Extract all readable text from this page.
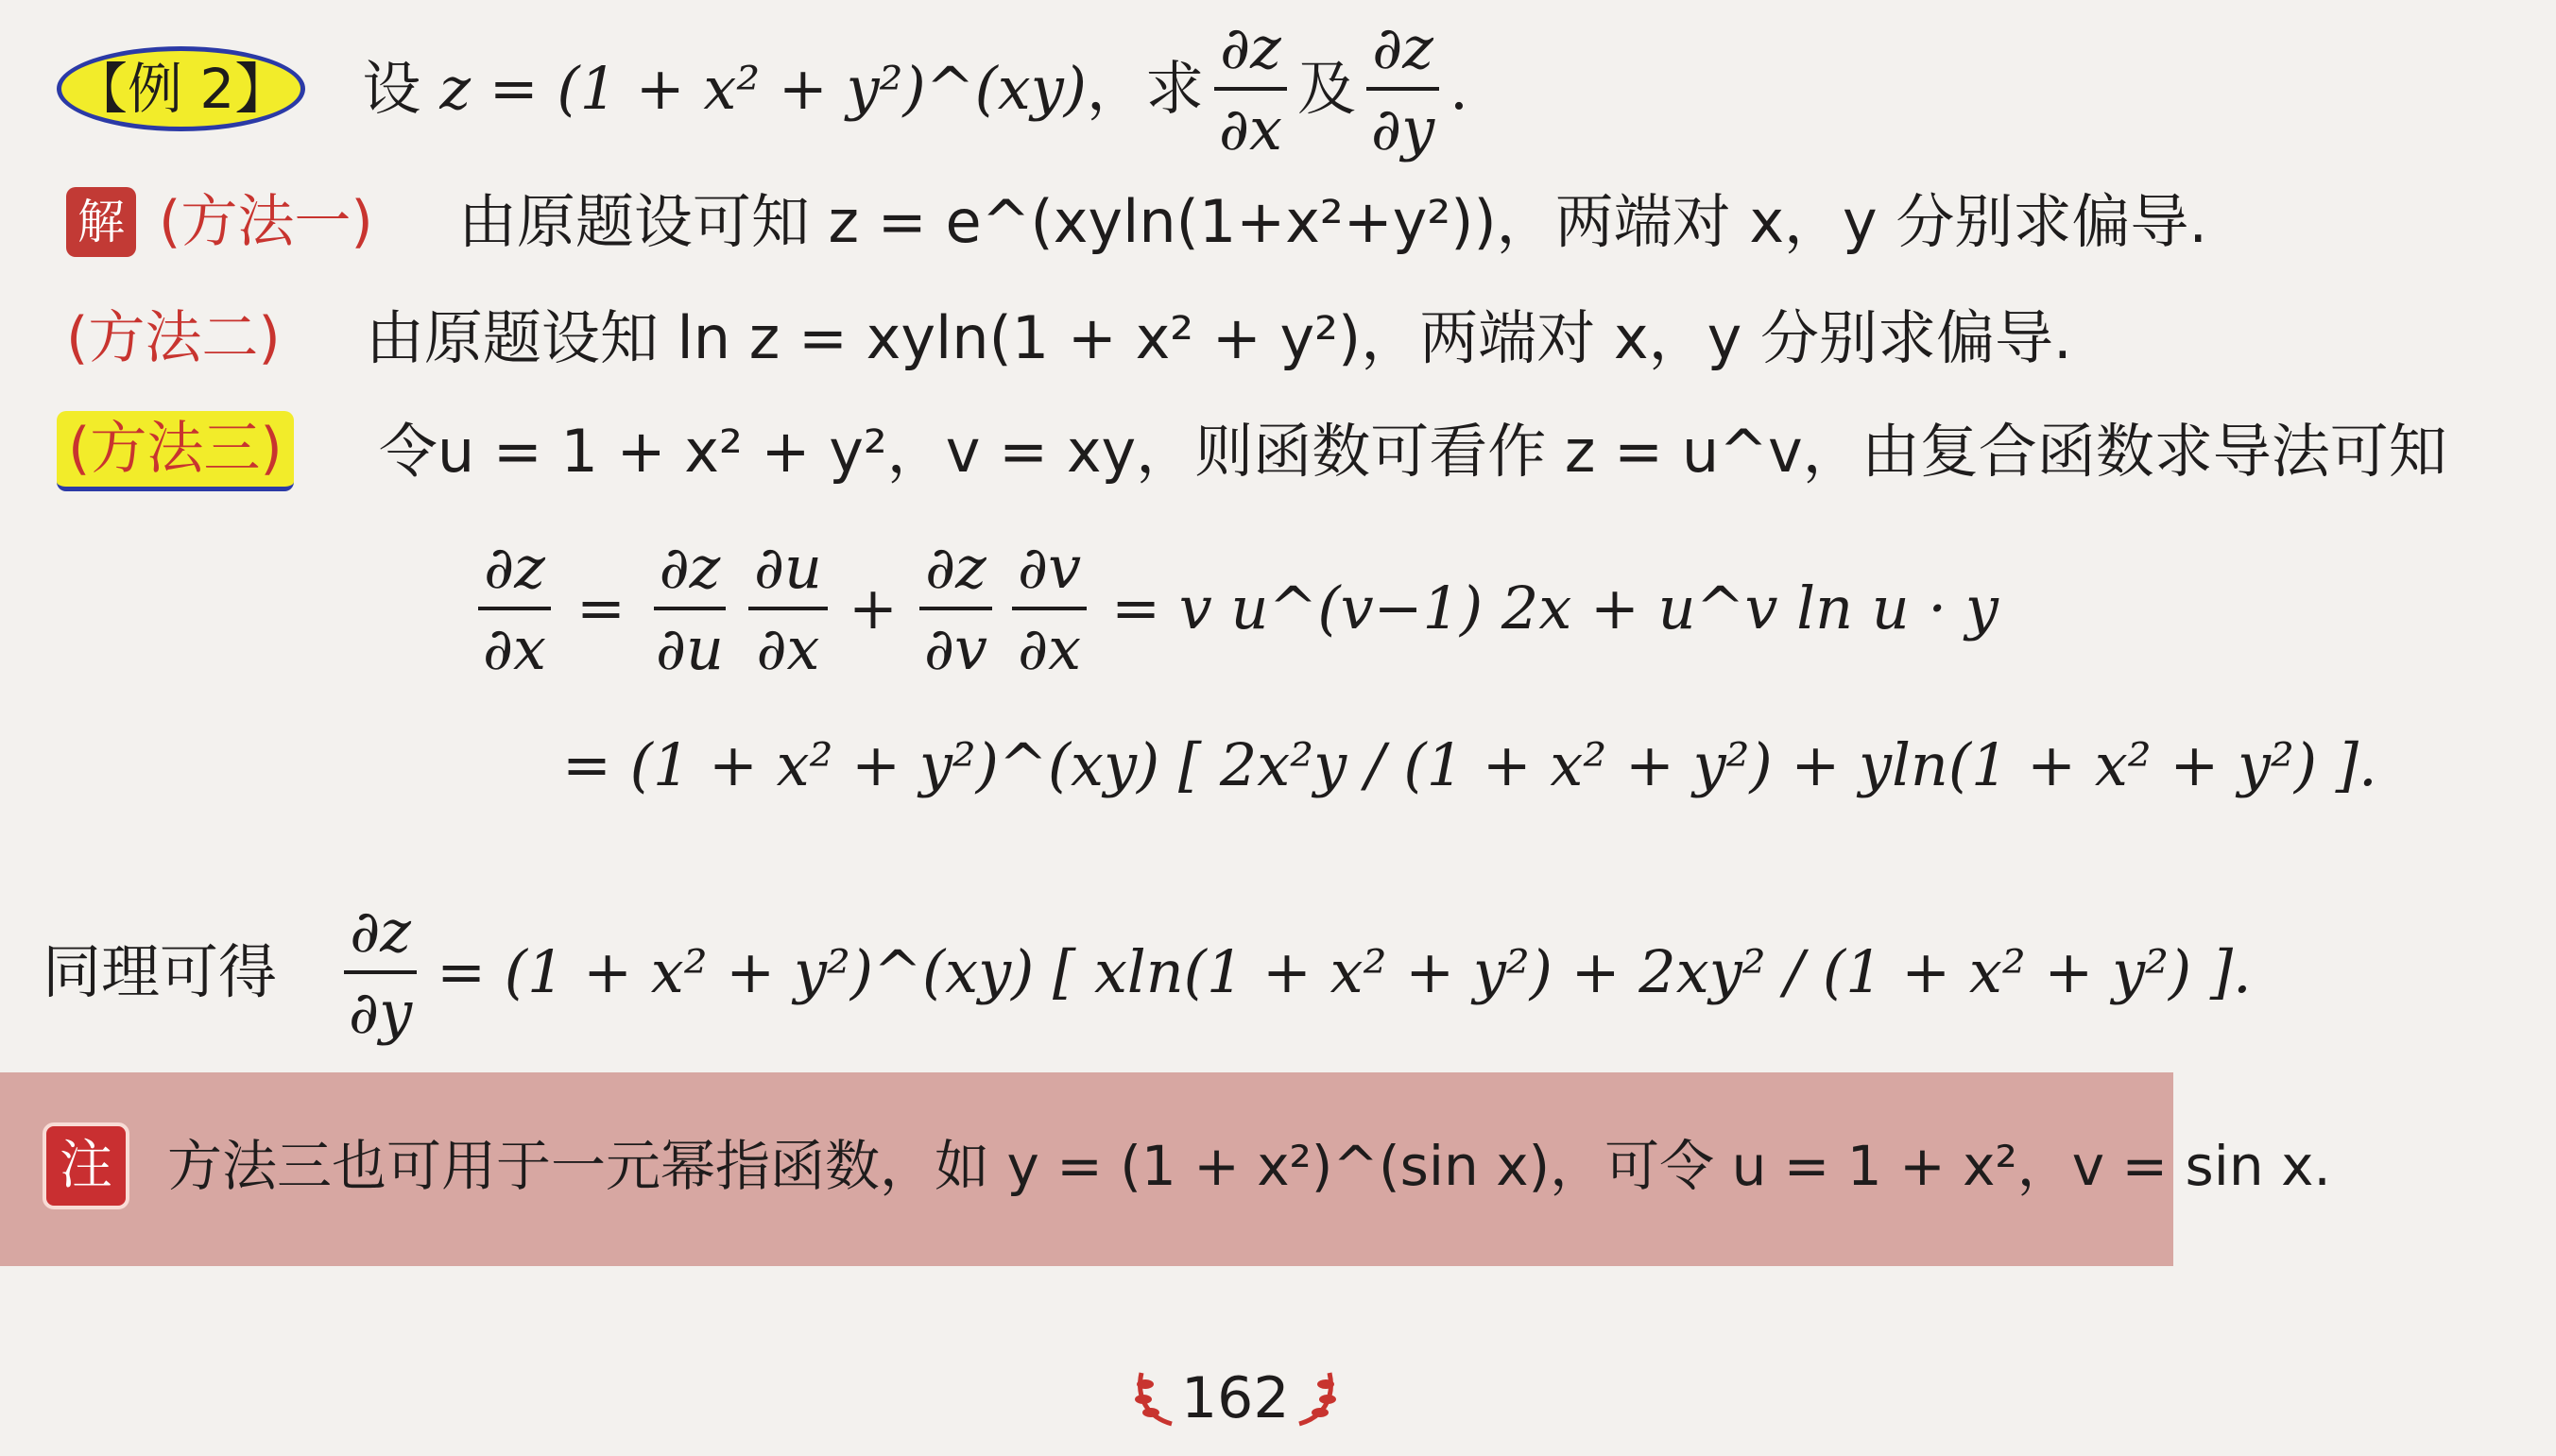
【例 2】 设 z = (1 + x² + y²)^(xy) ，求 $\frac{\partial z}{\partial x}$ 及 $\frac{\partial z}{\partial y}$ .
解 (方法一) 由原题设可知 z = e^(xyln(1+x²+y²))，两端对 x，y 分别求偏导.
(方法二) 由原题设知 ln z = xyln(1 + x² + y²)，两端对 x，y 分别求偏导.
(方法三) 令u = 1 + x² + y²，v = xy，则函数可看作 z = u^v，由复合函数求导法可知
$\frac{\partial z}{\partial x} = \frac{\partial z}{\partial u} \frac{\partial u}{\partial x} + \frac{\partial z}{\partial v} \frac{\partial v}{\partial x} = v$ u^(v−1) 2x + u^v ln u · y
= (1 + x² + y²)^(xy) [ 2x²y / (1 + x² + y²) + yln(1 + x² + y²) ].
同理可得 $\frac{\partial z}{\partial y} = (1 + x^2$ + y²)^(xy) [ xln(1 + x² + y²) + 2xy² / (1 + x² + y²) ].
注	方法三也可用于一元幂指函数，如 y = (1 + x²)^(sin x)，可令 u = 1 + x²，v = sin x.
162
